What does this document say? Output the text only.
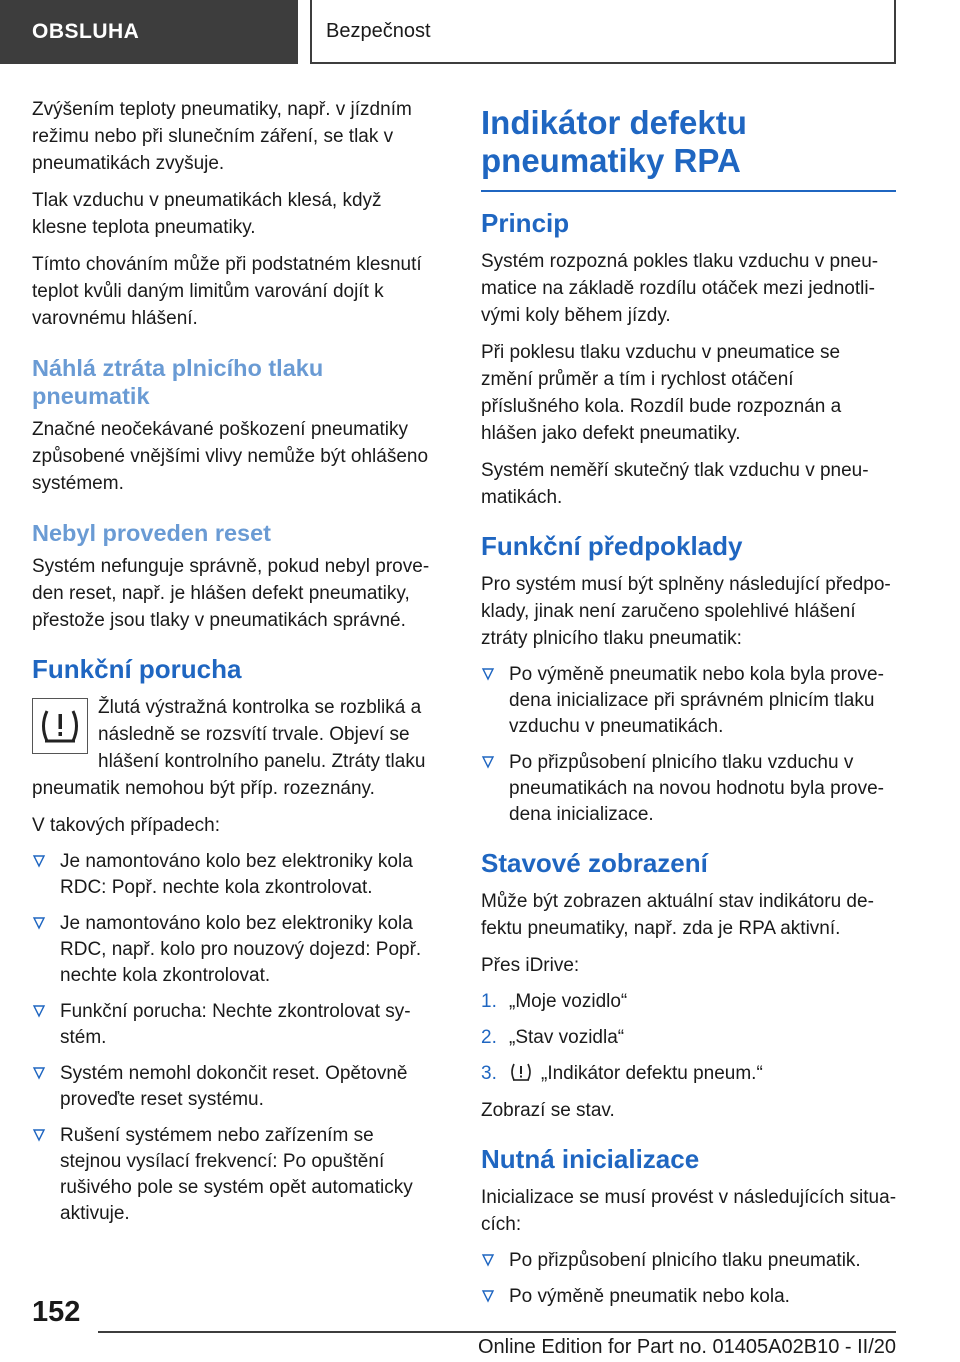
OBSLUHA	Bezpečnost

Zvýšením teploty pneumatiky, např. v jízdním režimu nebo při slunečním záření, se tlak v pneumatikách zvyšuje.

Tlak vzduchu v pneumatikách klesá, když klesne teplota pneumatiky.

Tímto chováním může při podstatném klesnutí teplot kvůli daným limitům varování dojít k varovnému hlášení.

Náhlá ztráta plnicího tlaku pneumatik

Značné neočekávané poškození pneumatiky způsobené vnějšími vlivy nemůže být ohlášeno systémem.

Nebyl proveden reset

Systém nefunguje správně, pokud nebyl proveden reset, např. je hlášen defekt pneumatiky, přestože jsou tlaky v pneumatikách správné.

Funkční porucha

Žlutá výstražná kontrolka se rozbliká a následně se rozsvítí trvale. Objeví se hlášení kontrolního panelu. Ztráty tlaku pneumatik nemohou být příp. rozeznány.

V takových případech:

Je namontováno kolo bez elektroniky kola RDC: Popř. nechte kola zkontrolovat.
Je namontováno kolo bez elektroniky kola RDC, např. kolo pro nouzový dojezd: Popř. nechte kola zkontrolovat.
Funkční porucha: Nechte zkontrolovat systém.
Systém nemohl dokončit reset. Opětovně proveďte reset systému.
Rušení systémem nebo zařízením se stejnou vysílací frekvencí: Po opuštění rušivého pole se systém opět automaticky aktivuje.
Indikátor defektu pneumatiky RPA
Princip

Systém rozpozná pokles tlaku vzduchu v pneumatice na základě rozdílu otáček mezi jednotlivými koly během jízdy.

Při poklesu tlaku vzduchu v pneumatice se změní průměr a tím i rychlost otáčení příslušného kola. Rozdíl bude rozpoznán a hlášen jako defekt pneumatiky.

Systém neměří skutečný tlak vzduchu v pneumatikách.

Funkční předpoklady

Pro systém musí být splněny následující předpoklady, jinak není zaručeno spolehlivé hlášení ztráty plnicího tlaku pneumatik:

Po výměně pneumatik nebo kola byla provedena inicializace při správném plnicím tlaku vzduchu v pneumatikách.
Po přizpůsobení plnicího tlaku vzduchu v pneumatikách na novou hodnotu byla provedena inicializace.
Stavové zobrazení

Může být zobrazen aktuální stav indikátoru defektu pneumatiky, např. zda je RPA aktivní.

Přes iDrive:

1. „Moje vozidlo“
2. „Stav vozidla“
3. „Indikátor defektu pneum.“

Zobrazí se stav.

Nutná inicializace

Inicializace se musí provést v následujících situacích:

Po přizpůsobení plnicího tlaku pneumatik.
Po výměně pneumatik nebo kola.
152
Online Edition for Part no. 01405A02B10 - II/20
